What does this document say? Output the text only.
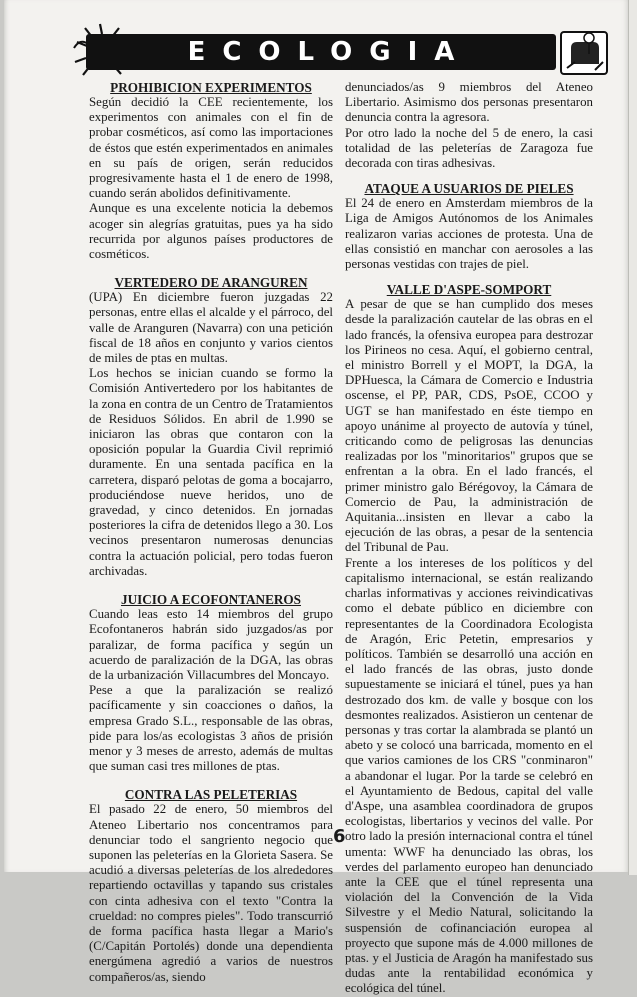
ECOLOGIA
PROHIBICION EXPERIMENTOS

Según decidió la CEE recientemente, los experimentos con animales con el fin de probar cosméticos, así como las importaciones de éstos que estén experimentados en animales en su país de origen, serán reducidos progresivamente hasta el 1 de enero de 1998, cuando serán abolidos definitivamente.

Aunque es una excelente noticia la debemos acoger sin alegrías gratuitas, pues ya ha sido recurrida por algunos países productores de cosméticos.

VERTEDERO DE ARANGUREN

(UPA) En diciembre fueron juzgadas 22 personas, entre ellas el alcalde y el párroco, del valle de Aranguren (Navarra) con una petición fiscal de 18 años en conjunto y varios cientos de miles de ptas en multas.

Los hechos se inician cuando se formo la Comisión Antivertedero por los habitantes de la zona en contra de un Centro de Tratamientos de Residuos Sólidos. En abril de 1.990 se iniciaron las obras que contaron con la oposición popular la Guardia Civil reprimió duramente. En una sentada pacífica en la carretera, disparó pelotas de goma a bocajarro, produciéndose nueve heridos, uno de gravedad, y cinco detenidos. En jornadas posteriores la cifra de detenidos llego a 30. Los vecinos presentaron numerosas denuncias contra la actuación policial, pero todas fueron archivadas.

JUICIO A ECOFONTANEROS

Cuando leas esto 14 miembros del grupo Ecofontaneros habrán sido juzgados/as por paralizar, de forma pacífica y según un acuerdo de paralización de la DGA, las obras de la urbanización Villacumbres del Moncayo.

Pese a que la paralización se realizó pacíficamente y sin coacciones o daños, la empresa Grado S.L., responsable de las obras, pide para los/as ecologistas 3 años de prisión menor y 3 meses de arresto, además de multas que suman casi tres millones de ptas.

CONTRA LAS PELETERIAS

El pasado 22 de enero, 50 miembros del Ateneo Libertario nos concentramos para denunciar todo el sangriento negocio que suponen las peleterías en la Glorieta Sasera. Se acudió a diversas peleterías de los alrededores repartiendo octavillas y tapando sus cristales con cinta adhesiva con el texto "Contra la crueldad: no compres pieles". Todo transcurrió de forma pacífica hasta llegar a Mario's (C/Capitán Portolés) donde una dependienta energúmena agredió a varios de nuestros compañeros/as, siendo

denunciados/as 9 miembros del Ateneo Libertario. Asimismo dos personas presentaron denuncia contra la agresora.

Por otro lado la noche del 5 de enero, la casi totalidad de las peleterías de Zaragoza fue decorada con tiras adhesivas.

ATAQUE A USUARIOS DE PIELES

El 24 de enero en Amsterdam miembros de la Liga de Amigos Autónomos de los Animales realizaron varias acciones de protesta. Una de ellas consistió en manchar con aerosoles a las personas vestidas con trajes de piel.

VALLE D'ASPE-SOMPORT

A pesar de que se han cumplido dos meses desde la paralización cautelar de las obras en el lado francés, la ofensiva europea para destrozar los Pirineos no cesa. Aquí, el gobierno central, el ministro Borrell y el MOPT, la DGA, la DPHuesca, la Cámara de Comercio e Industria oscense, el PP, PAR, CDS, PsOE, CCOO y UGT se han manifestado en éste tiempo en apoyo unánime al proyecto de autovía y túnel, criticando como de peligrosas las denuncias realizadas por los "minoritarios" grupos que se enfrentan a la obra. En el lado francés, el primer ministro galo Bérégovoy, la Cámara de Comercio de Pau, la administración de Aquitania...insisten en llevar a cabo la ejecución de las obras, a pesar de la sentencia del Tribunal de Pau.

Frente a los intereses de los políticos y del capitalismo internacional, se están realizando charlas informativas y acciones reivindicativas como el debate público en diciembre con representantes de la Coordinadora Ecologista de Aragón, Eric Petetin, empresarios y políticos. También se desarrolló una acción en el lado francés de las obras, justo donde supuestamente se iniciará el túnel, pues ya han destrozado dos km. de valle y bosque con los desmontes realizados. Asistieron un centenar de personas y tras cortar la alambrada se plantó un abeto y se colocó una barricada, momento en el que varios camiones de los CRS "conminaron" a abandonar el lugar. Por la tarde se celebró en el Ayuntamiento de Bedous, capital del valle d'Aspe, una asamblea coordinadora de grupos ecologistas, libertarios y vecinos del valle. Por otro lado la presión internacional contra el túnel umenta: WWF ha denunciado las obras, los verdes del parlamento europeo han denunciado ante la CEE que el túnel representa una violación del la Convención de la Vida Silvestre y el Medio Natural, solicitando la suspensión de cofinanciación europea al proyecto que supone más de 4.000 millones de ptas. y el Justicia de Aragón ha manifestado sus dudas ante la rentabilidad económica y ecológica del túnel.

6
